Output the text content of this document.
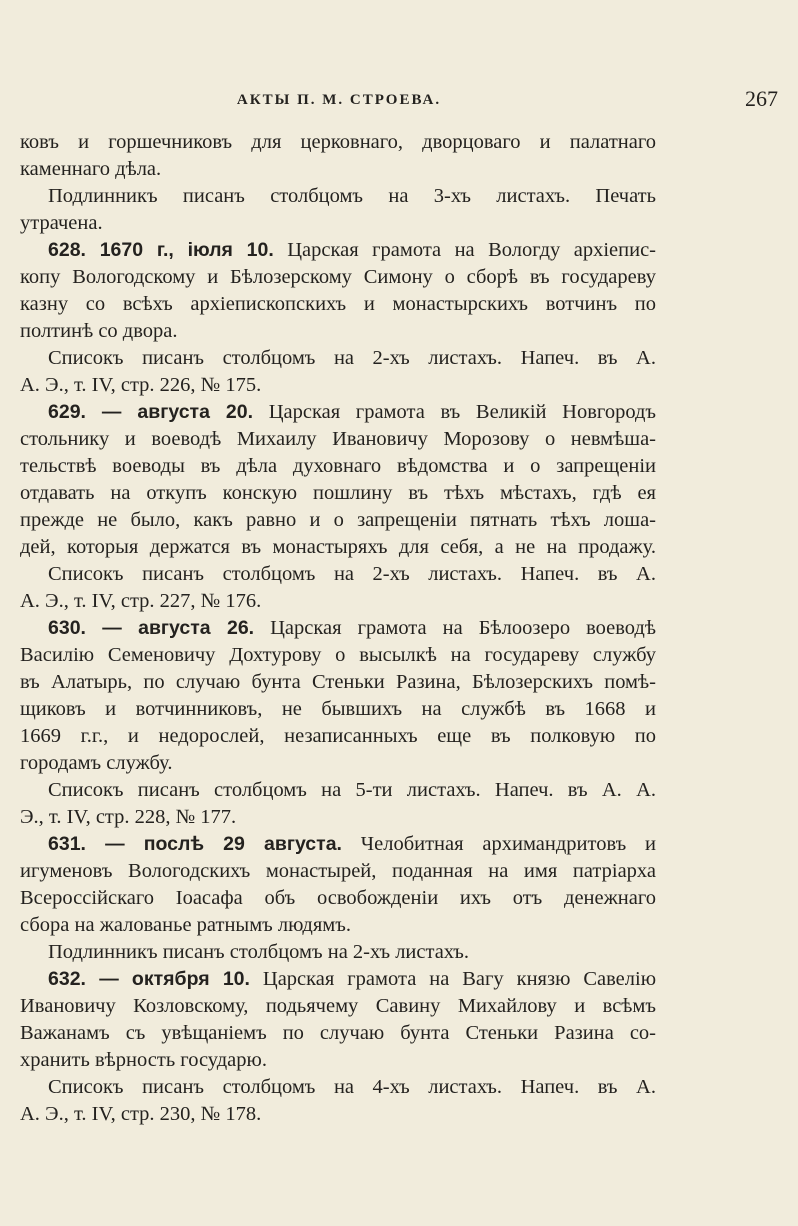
АКТЫ П. М. СТРОЕВА.	267
ковъ и горшечниковъ для церковнаго, дворцоваго и палатнаго
каменнаго дѣла.
Подлинникъ писанъ столбцомъ на 3-хъ листахъ. Печать
утрачена.
628. 1670 г., іюля 10. Царская грамота на Вологду архіепис-
копу Вологодскому и Бѣлозерскому Симону о сборѣ въ государеву
казну со всѣхъ архіепископскихъ и монастырскихъ вотчинъ по
полтинѣ со двора.
Списокъ писанъ столбцомъ на 2-хъ листахъ. Напеч. въ А.
А. Э., т. IV, стр. 226, № 175.
629. — августа 20. Царская грамота въ Великій Новгородъ
стольнику и воеводѣ Михаилу Ивановичу Морозову о невмѣша-
тельствѣ воеводы въ дѣла духовнаго вѣдомства и о запрещеніи
отдавать на откупъ конскую пошлину въ тѣхъ мѣстахъ, гдѣ ея
прежде не было, какъ равно и о запрещеніи пятнать тѣхъ лоша-
дей, которыя держатся въ монастыряхъ для себя, а не на продажу.
Списокъ писанъ столбцомъ на 2-хъ листахъ. Напеч. въ А.
А. Э., т. IV, стр. 227, № 176.
630. — августа 26. Царская грамота на Бѣлоозеро воеводѣ
Василію Семеновичу Дохтурову о высылкѣ на государеву службу
въ Алатырь, по случаю бунта Стеньки Разина, Бѣлозерскихъ помѣ-
щиковъ и вотчинниковъ, не бывшихъ на службѣ въ 1668 и
1669 г.г., и недорослей, незаписанныхъ еще въ полковую по
городамъ службу.
Списокъ писанъ столбцомъ на 5-ти листахъ. Напеч. въ А. А.
Э., т. IV, стр. 228, № 177.
631. — послѣ 29 августа. Челобитная архимандритовъ и
игуменовъ Вологодскихъ монастырей, поданная на имя патріарха
Всероссійскаго Іоасафа объ освобожденіи ихъ отъ денежнаго
сбора на жалованье ратнымъ людямъ.
Подлинникъ писанъ столбцомъ на 2-хъ листахъ.
632. — октября 10. Царская грамота на Вагу князю Савелію
Ивановичу Козловскому, подьячему Савину Михайлову и всѣмъ
Важанамъ съ увѣщаніемъ по случаю бунта Стеньки Разина со-
хранить вѣрность государю.
Списокъ писанъ столбцомъ на 4-хъ листахъ. Напеч. въ А.
А. Э., т. IV, стр. 230, № 178.
